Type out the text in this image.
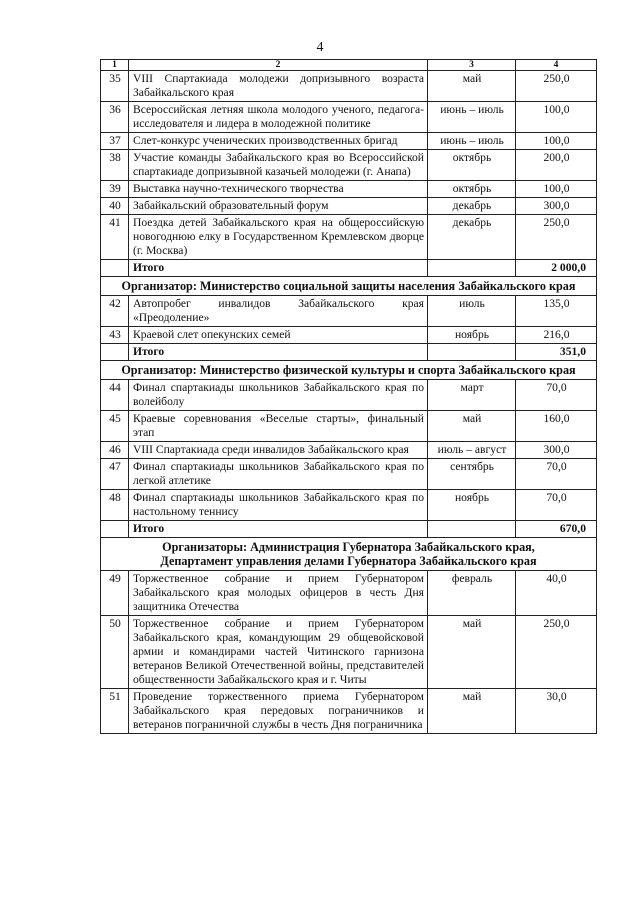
4
1	2	3	4
35	VIII Спартакиада молодежи допризывного возраста Забайкальского края	май	250,0
36	Всероссийская летняя школа молодого ученого, педагога-исследователя и лидера в молодежной политике	июнь – июль	100,0
37	Слет-конкурс ученических производственных бригад	июнь – июль	100,0
38	Участие команды Забайкальского края во Всероссийской спартакиаде допризывной казачьей молодежи (г. Анапа)	октябрь	200,0
39	Выставка научно-технического творчества	октябрь	100,0
40	Забайкальский образовательный форум	декабрь	300,0
41	Поездка детей Забайкальского края на общероссийскую новогоднюю елку в Государственном Кремлевском дворце (г. Москва)	декабрь	250,0
	Итого		2 000,0
Организатор: Министерство социальной защиты населения Забайкальского края			
42	Автопробег инвалидов Забайкальского края «Преодоление»	июль	135,0
43	Краевой слет опекунских семей	ноябрь	216,0
	Итого		351,0
Организатор: Министерство физической культуры и спорта Забайкальского края			
44	Финал спартакиады школьников Забайкальского края по волейболу	март	70,0
45	Краевые соревнования «Веселые старты», финальный этап	май	160,0
46	VIII Спартакиада среди инвалидов Забайкальского края	июль – август	300,0
47	Финал спартакиады школьников Забайкальского края по легкой атлетике	сентябрь	70,0
48	Финал спартакиады школьников Забайкальского края по настольному теннису	ноябрь	70,0
	Итого		670,0

Организаторы: Администрация Губернатора Забайкальского края,
Департамент управления делами Губернатора Забайкальского края			

49	Торжественное собрание и прием Губернатором Забайкальского края молодых офицеров в честь Дня защитника Отечества	февраль	40,0
50	Торжественное собрание и прием Губернатором Забайкальского края, командующим 29 общевойсковой армии и командирами частей Читинского гарнизона ветеранов Великой Отечественной войны, представителей общественности Забайкальского края и г. Читы	май	250,0
51	Проведение торжественного приема Губернатором Забайкальского края передовых пограничников и ветеранов пограничной службы в честь Дня пограничника	май	30,0
